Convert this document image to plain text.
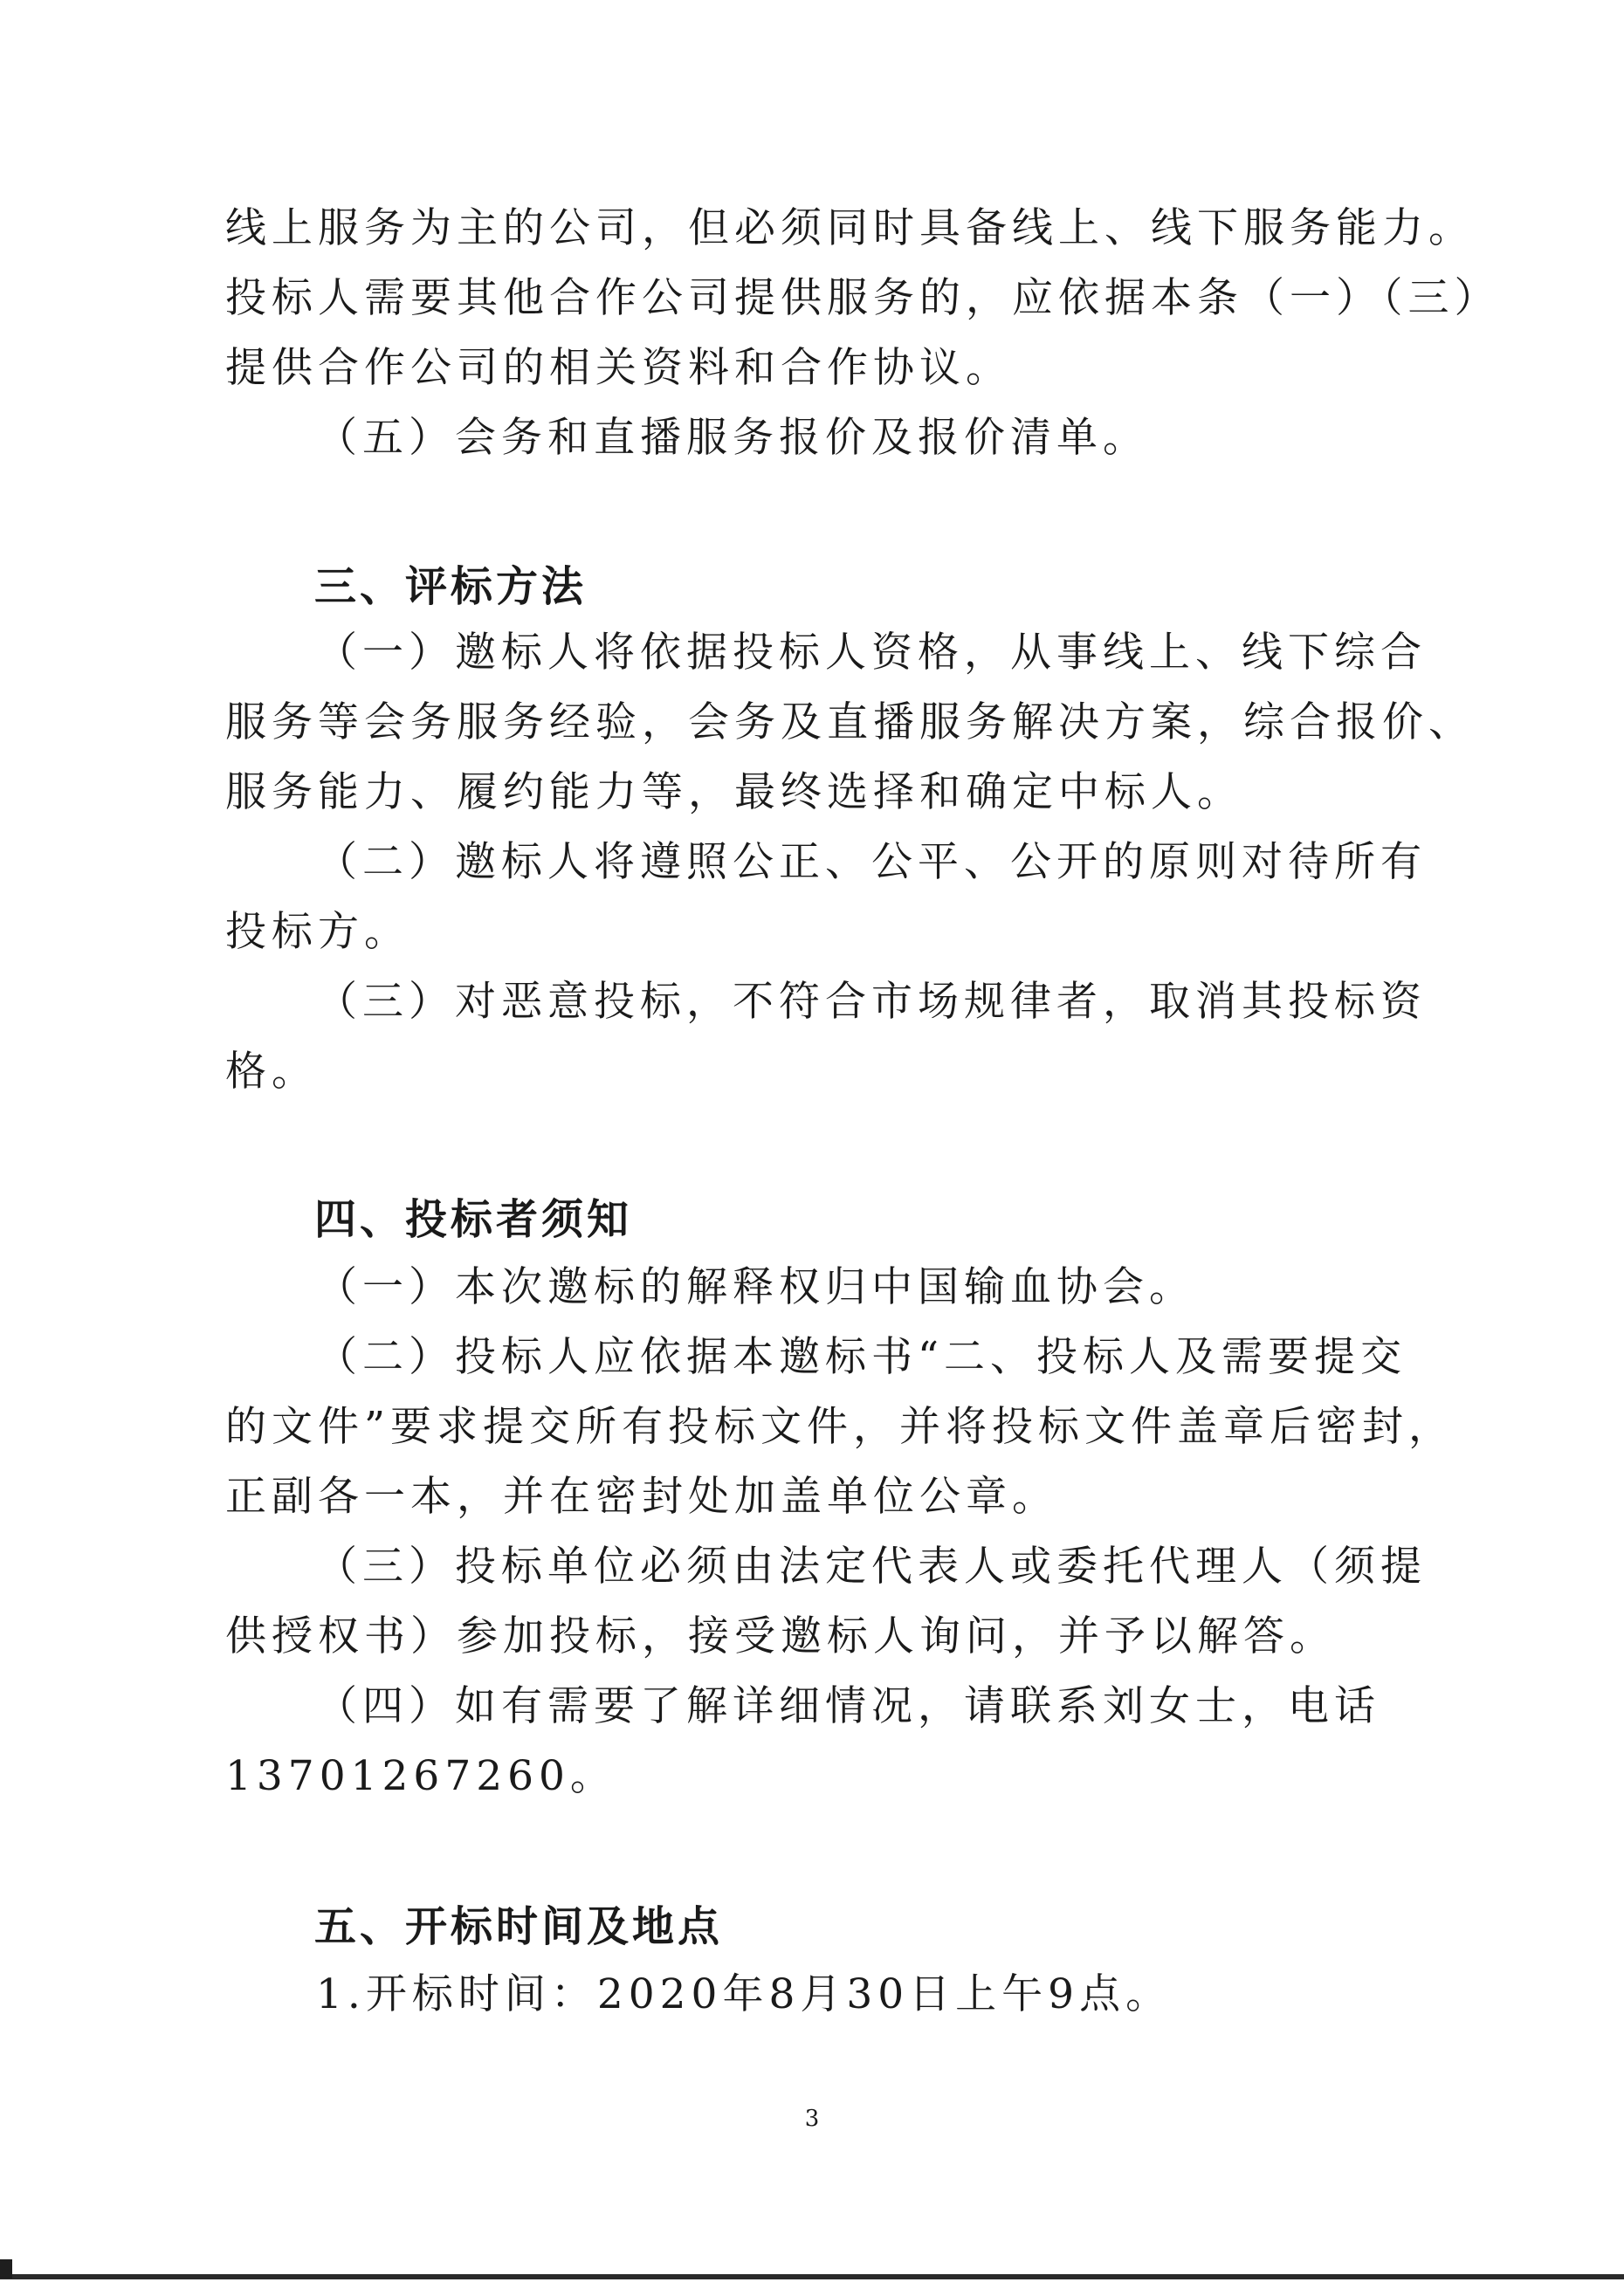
线上服务为主的公司，但必须同时具备线上、线下服务能力。
投标人需要其他合作公司提供服务的，应依据本条（一）（三）
提供合作公司的相关资料和合作协议。
（五）会务和直播服务报价及报价清单。
三、评标方法
（一）邀标人将依据投标人资格，从事线上、线下综合
服务等会务服务经验，会务及直播服务解决方案，综合报价、
服务能力、履约能力等，最终选择和确定中标人。
（二）邀标人将遵照公正、公平、公开的原则对待所有
投标方。
（三）对恶意投标，不符合市场规律者，取消其投标资
格。
四、投标者须知
（一）本次邀标的解释权归中国输血协会。
（二）投标人应依据本邀标书“二、投标人及需要提交
的文件”要求提交所有投标文件，并将投标文件盖章后密封，
正副各一本，并在密封处加盖单位公章。
（三）投标单位必须由法定代表人或委托代理人（须提
供授权书）参加投标，接受邀标人询问，并予以解答。
（四）如有需要了解详细情况，请联系刘女士，电话
13701267260。
五、开标时间及地点
1.开标时间：2020年8月30日上午9点。
3
